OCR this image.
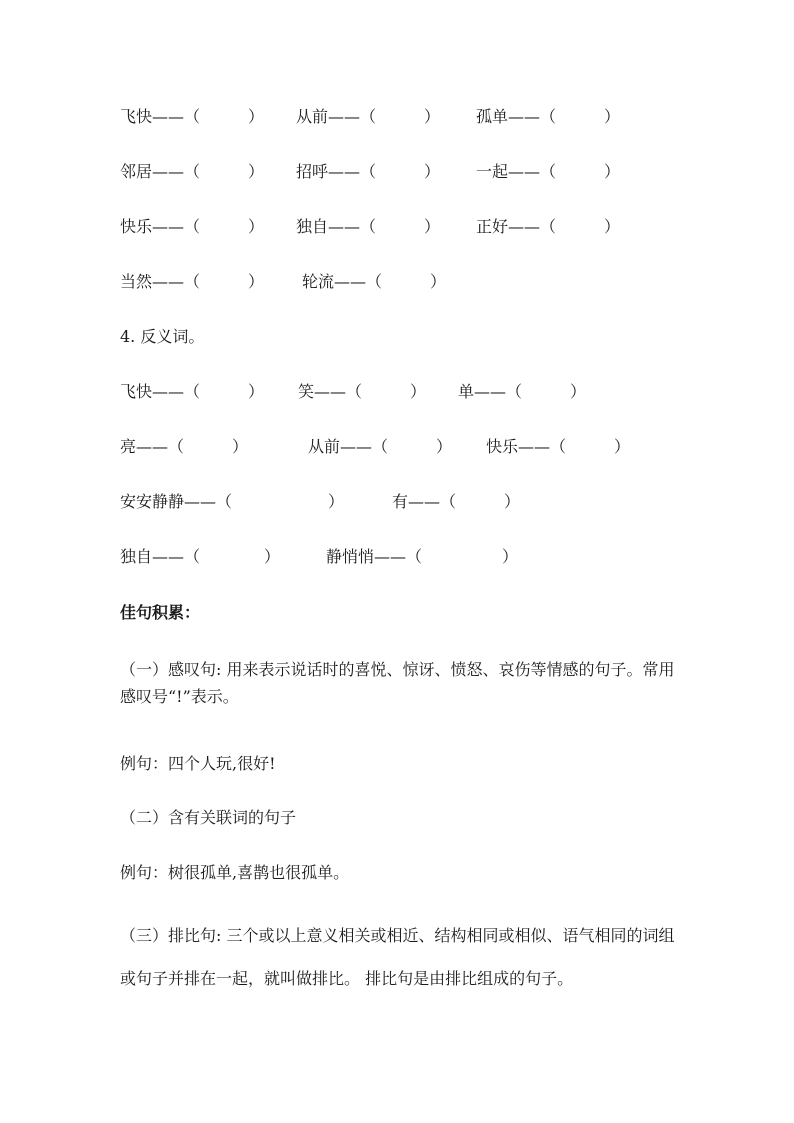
飞快——（　　　） 从前——（　　　） 孤单——（　　　）
邻居——（　　　） 招呼——（　　　） 一起——（　　　）
快乐——（　　　） 独自——（　　　） 正好——（　　　）
当然——（　　　） 轮流——（　　　）
4. 反义词。
飞快——（　　　） 笑——（　　　） 单——（　　　）
亮——（　　　）	从前——（　　　） 快乐——（　　　）
安安静静——（　　　　　　）	有——（　　　）
独自——（　　　　）	静悄悄——（　　　　　）
佳句积累：
（一）感叹句: 用来表示说话时的喜悦、惊讶、愤怒、哀伤等情感的句子。常用感叹号“!”表示。
例句：四个人玩,很好!
（二）含有关联词的句子
例句：树很孤单,喜鹊也很孤单。
（三）排比句: 三个或以上意义相关或相近、结构相同或相似、语气相同的词组或句子并排在一起，就叫做排比。 排比句是由排比组成的句子。
